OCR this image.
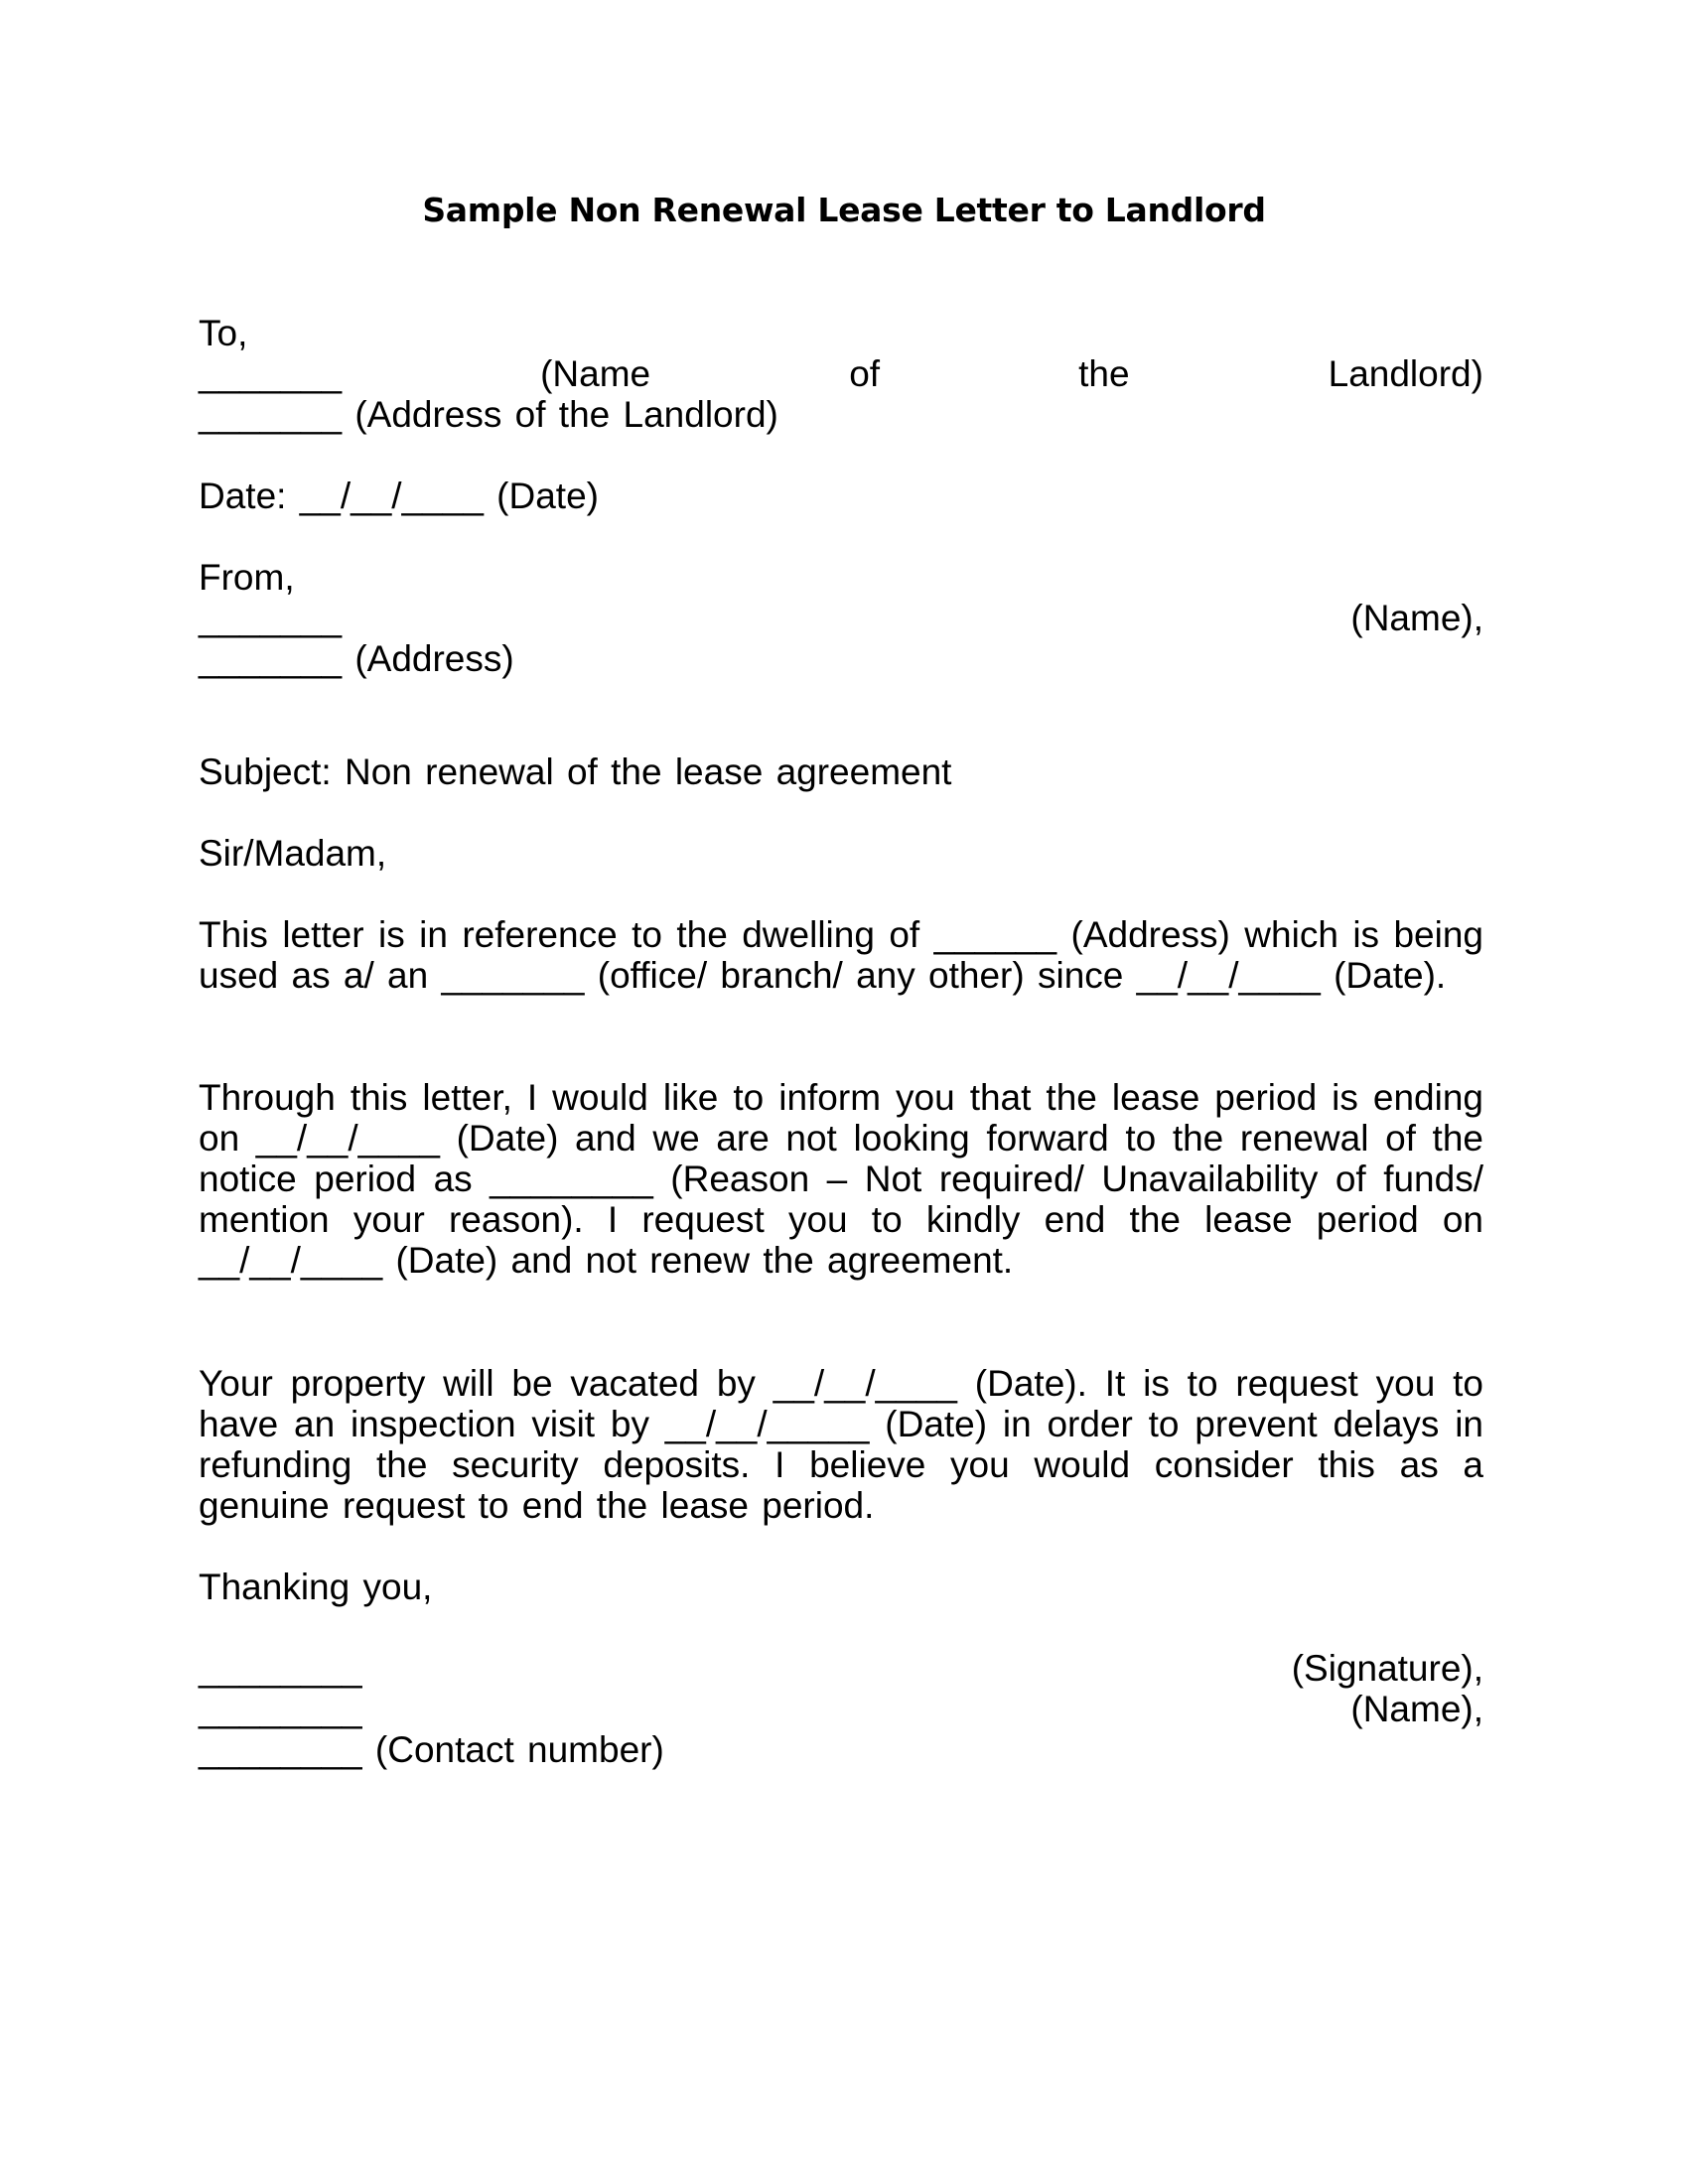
Sample Non Renewal Lease Letter to Landlord
To,
_______	(Name	of	the	Landlord)
_______ (Address of the Landlord)
Date: __/__/____ (Date)
From,
_______	(Name),
_______ (Address)
Subject: Non renewal of the lease agreement
Sir/Madam,
This letter is in reference to the dwelling of ______ (Address) which is being used as a/ an _______ (office/ branch/ any other) since __/__/____ (Date).
Through this letter, I would like to inform you that the lease period is ending on __/__/____ (Date) and we are not looking forward to the renewal of the notice period as ________ (Reason – Not required/ Unavailability of funds/ mention your reason). I request you to kindly end the lease period on __/__/____ (Date) and not renew the agreement.
Your property will be vacated by __/__/____ (Date). It is to request you to have an inspection visit by __/__/_____ (Date) in order to prevent delays in refunding the security deposits. I believe you would consider this as a genuine request to end the lease period.
Thanking you,
________	(Signature),
________	(Name),
________ (Contact number)
